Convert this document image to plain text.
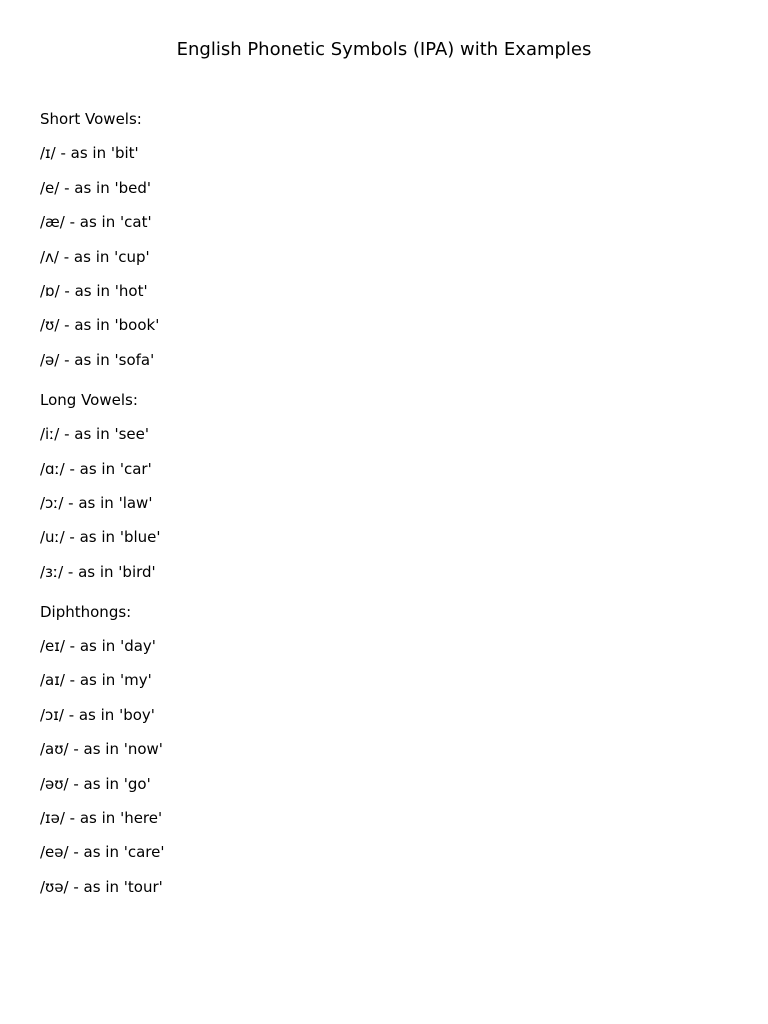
English Phonetic Symbols (IPA) with Examples
Short Vowels:
/ɪ/ - as in 'bit'
/e/ - as in 'bed'
/æ/ - as in 'cat'
/ʌ/ - as in 'cup'
/ɒ/ - as in 'hot'
/ʊ/ - as in 'book'
/ə/ - as in 'sofa'
Long Vowels:
/iː/ - as in 'see'
/ɑː/ - as in 'car'
/ɔː/ - as in 'law'
/uː/ - as in 'blue'
/ɜː/ - as in 'bird'
Diphthongs:
/eɪ/ - as in 'day'
/aɪ/ - as in 'my'
/ɔɪ/ - as in 'boy'
/aʊ/ - as in 'now'
/əʊ/ - as in 'go'
/ɪə/ - as in 'here'
/eə/ - as in 'care'
/ʊə/ - as in 'tour'
